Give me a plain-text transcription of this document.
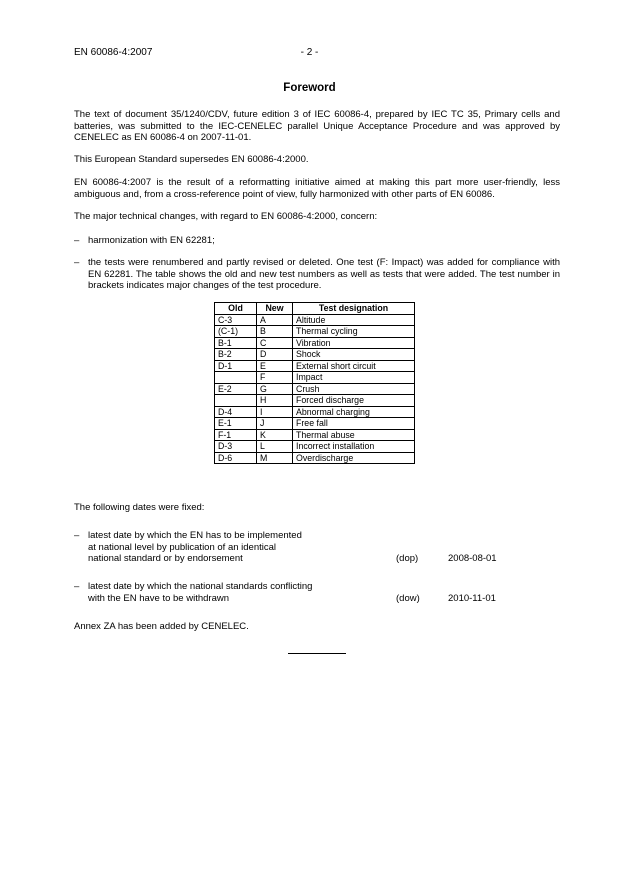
EN 60086-4:2007	- 2 -
Foreword
The text of document 35/1240/CDV, future edition 3 of IEC 60086-4, prepared by IEC TC 35, Primary cells and batteries, was submitted to the IEC-CENELEC parallel Unique Acceptance Procedure and was approved by CENELEC as EN 60086-4 on 2007-11-01.
This European Standard supersedes EN 60086-4:2000.
EN 60086-4:2007 is the result of a reformatting initiative aimed at making this part more user-friendly, less ambiguous and, from a cross-reference point of view, fully harmonized with other parts of EN 60086.
The major technical changes, with regard to EN 60086-4:2000, concern:
– harmonization with EN 62281;
– the tests were renumbered and partly revised or deleted. One test (F: Impact) was added for compliance with EN 62281. The table shows the old and new test numbers as well as tests that were added. The test number in brackets indicates major changes of the test procedure.
Old	New	Test designation
C-3	A	Altitude
(C-1)	B	Thermal cycling
B-1	C	Vibration
B-2	D	Shock
D-1	E	External short circuit
	F	Impact
E-2	G	Crush
	H	Forced discharge
D-4	I	Abnormal charging
E-1	J	Free fall
F-1	K	Thermal abuse
D-3	L	Incorrect installation
D-6	M	Overdischarge
The following dates were fixed:
– latest date by which the EN has to be implemented
at national level by publication of an identical
national standard or by endorsement	(dop)	2008-08-01
– latest date by which the national standards conflicting
with the EN have to be withdrawn	(dow)	2010-11-01
Annex ZA has been added by CENELEC.
